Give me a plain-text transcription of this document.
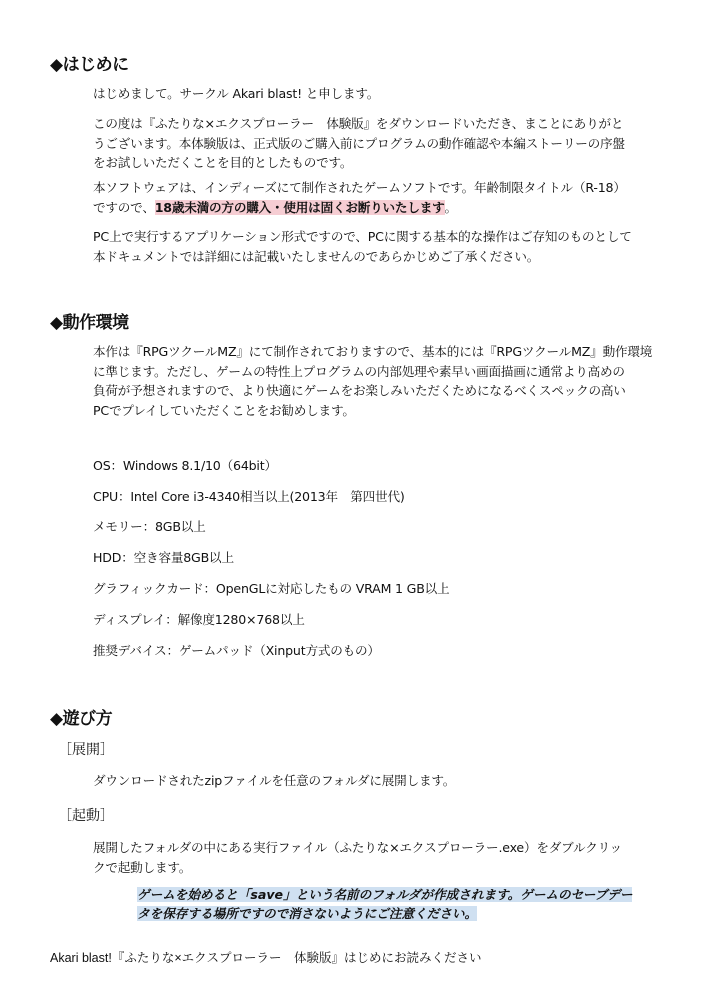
◆はじめに
はじめまして。サークル Akari blast! と申します。
この度は『ふたりな×エクスプローラー　体験版』をダウンロードいただき、まことにありがと
うございます。本体験版は、正式版のご購入前にプログラムの動作確認や本編ストーリーの序盤
をお試しいただくことを目的としたものです。
本ソフトウェアは、インディーズにて制作されたゲームソフトです。年齢制限タイトル（R-18）
ですので、18歳未満の方の購入・使用は固くお断りいたします。
PC上で実行するアプリケーション形式ですので、PCに関する基本的な操作はご存知のものとして
本ドキュメントでは詳細には記載いたしませんのであらかじめご了承ください。
◆動作環境
本作は『RPGツクールMZ』にて制作されておりますので、基本的には『RPGツクールMZ』動作環境
に準じます。ただし、ゲームの特性上プログラムの内部処理や素早い画面描画に通常より高めの
負荷が予想されますので、より快適にゲームをお楽しみいただくためになるべくスペックの高い
PCでプレイしていただくことをお勧めします。
OS：Windows 8.1/10（64bit）
CPU：Intel Core i3-4340相当以上(2013年　第四世代)
メモリー：8GB以上
HDD：空き容量8GB以上
グラフィックカード：OpenGLに対応したもの VRAM 1 GB以上
ディスプレイ：解像度1280×768以上
推奨デバイス：ゲームパッド（Xinput方式のもの）
◆遊び方
［展開］
ダウンロードされたzipファイルを任意のフォルダに展開します。
［起動］
展開したフォルダの中にある実行ファイル（ふたりな×エクスプローラー.exe）をダブルクリッ
クで起動します。
ゲームを始めると「save」という名前のフォルダが作成されます。ゲームのセーブデー
タを保存する場所ですので消さないようにご注意ください。
Akari blast!『ふたりな×エクスプローラー　体験版』はじめにお読みください
